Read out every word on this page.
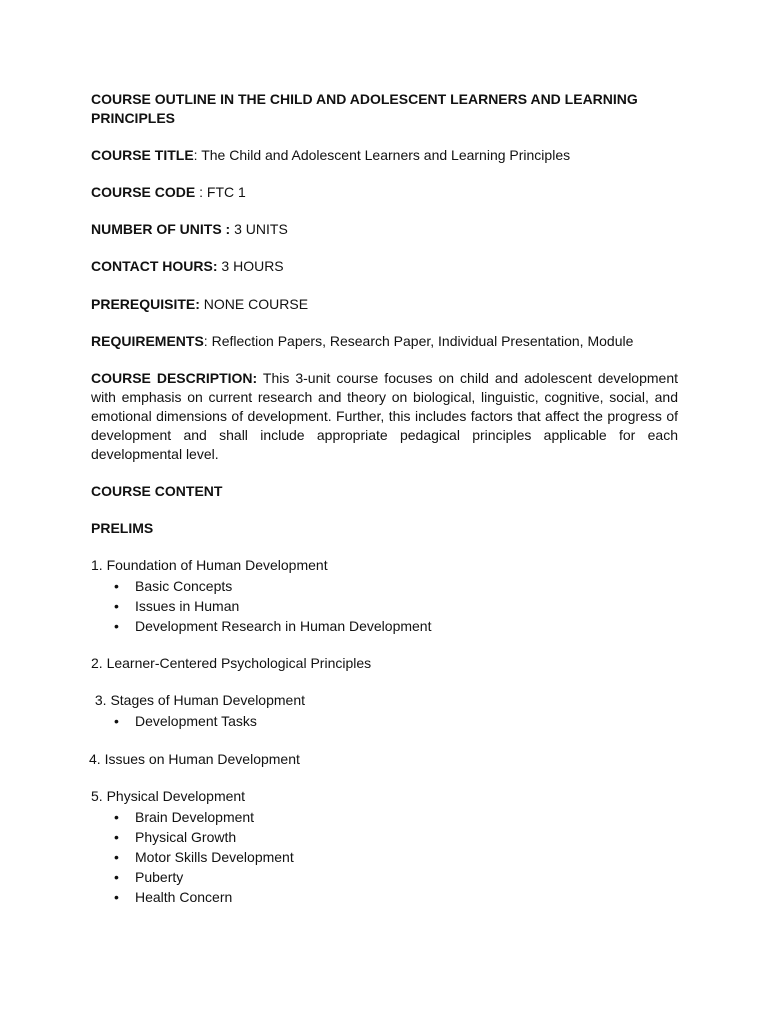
COURSE OUTLINE IN THE CHILD AND ADOLESCENT LEARNERS AND LEARNING PRINCIPLES

COURSE TITLE: The Child and Adolescent Learners and Learning Principles

COURSE CODE : FTC 1

NUMBER OF UNITS : 3 UNITS

CONTACT HOURS: 3 HOURS

PREREQUISITE: NONE COURSE

REQUIREMENTS: Reflection Papers, Research Paper, Individual Presentation, Module

COURSE DESCRIPTION: This 3-unit course focuses on child and adolescent development with emphasis on current research and theory on biological, linguistic, cognitive, social, and emotional dimensions of development. Further, this includes factors that affect the progress of development and shall include appropriate pedagical principles applicable for each developmental level.

COURSE CONTENT

PRELIMS

1. Foundation of Human Development

• Basic Concepts
• Issues in Human
• Development Research in Human Development

2. Learner-Centered Psychological Principles

3. Stages of Human Development

• Development Tasks

4. Issues on Human Development

5. Physical Development

• Brain Development
• Physical Growth
• Motor Skills Development
• Puberty
• Health Concern
